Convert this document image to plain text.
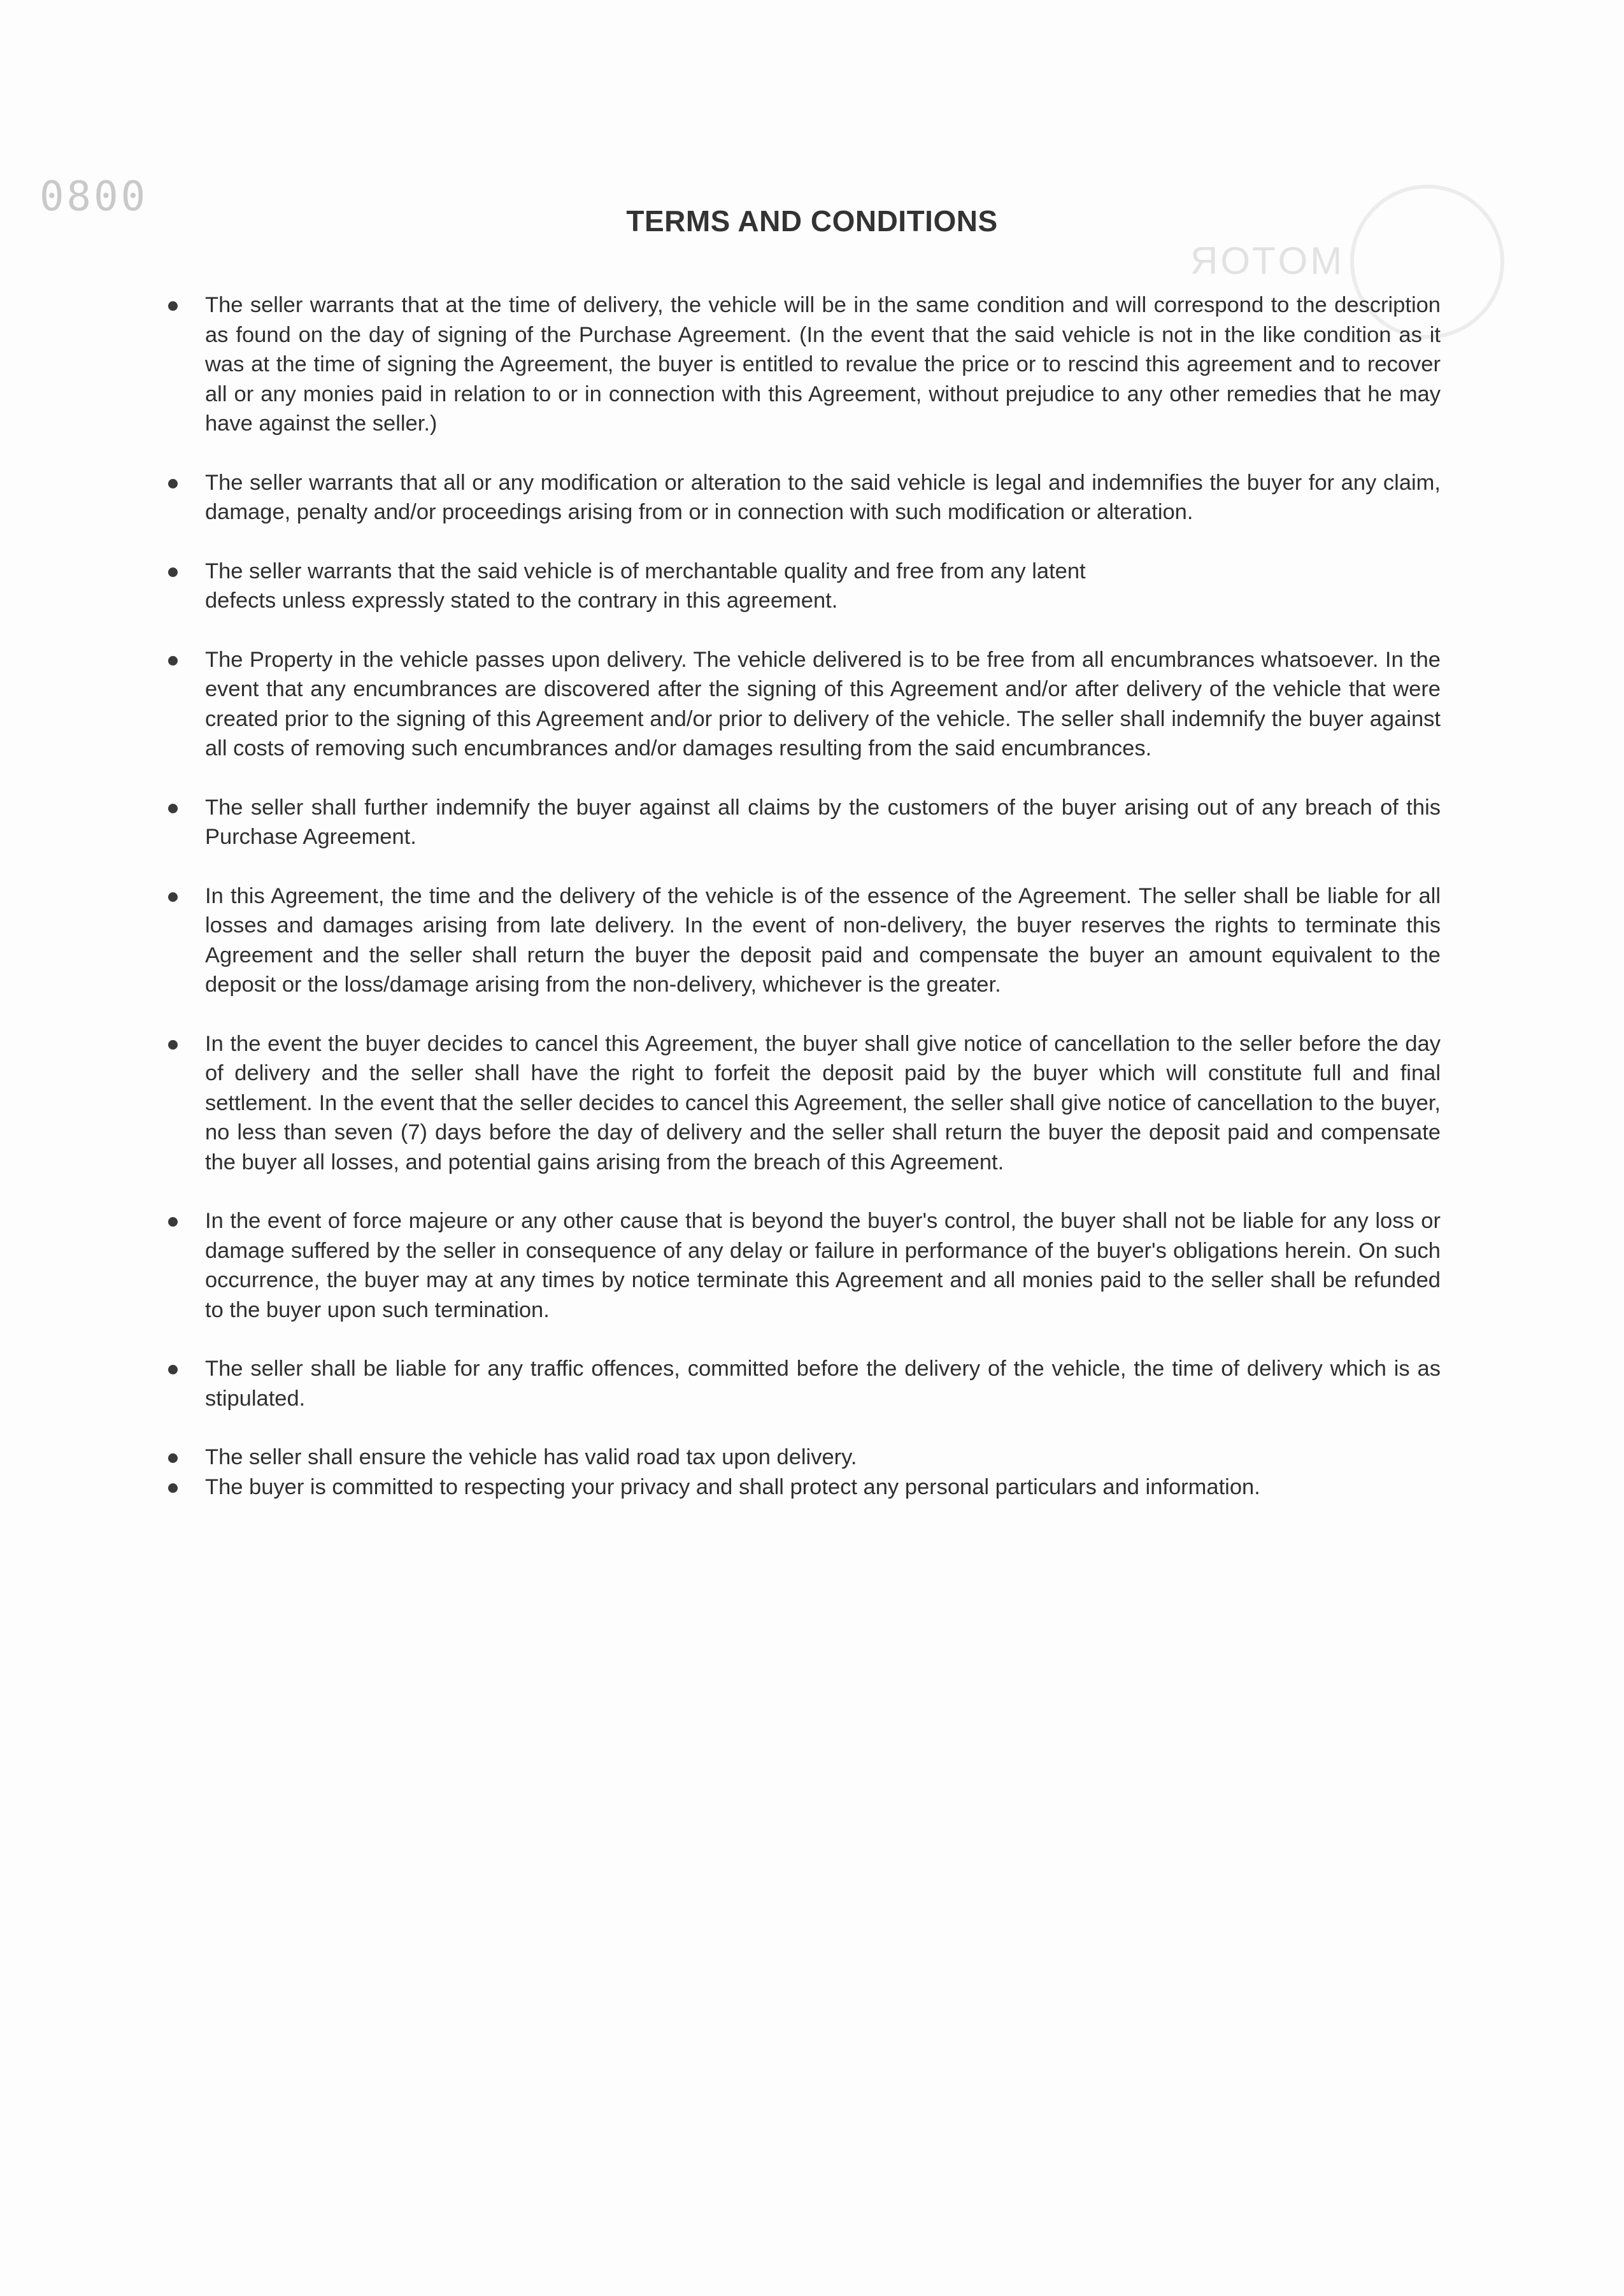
0800
MOTOR
TERMS AND CONDITIONS
The seller warrants that at the time of delivery, the vehicle will be in the same condition and will correspond to the description as found on the day of signing of the Purchase Agreement. (In the event that the said vehicle is not in the like condition as it was at the time of signing the Agreement, the buyer is entitled to revalue the price or to rescind this agreement and to recover all or any monies paid in relation to or in connection with this Agreement, without prejudice to any other remedies that he may have against the seller.)
The seller warrants that all or any modification or alteration to the said vehicle is legal and indemnifies the buyer for any claim, damage, penalty and/or proceedings arising from or in connection with such modification or alteration.
The seller warrants that the said vehicle is of merchantable quality and free from any latent
defects unless expressly stated to the contrary in this agreement.
The Property in the vehicle passes upon delivery. The vehicle delivered is to be free from all encumbrances whatsoever. In the event that any encumbrances are discovered after the signing of this Agreement and/or after delivery of the vehicle that were created prior to the signing of this Agreement and/or prior to delivery of the vehicle. The seller shall indemnify the buyer against all costs of removing such encumbrances and/or damages resulting from the said encumbrances.
The seller shall further indemnify the buyer against all claims by the customers of the buyer arising out of any breach of this Purchase Agreement.
In this Agreement, the time and the delivery of the vehicle is of the essence of the Agreement. The seller shall be liable for all losses and damages arising from late delivery. In the event of non-delivery, the buyer reserves the rights to terminate this Agreement and the seller shall return the buyer the deposit paid and compensate the buyer an amount equivalent to the deposit or the loss/damage arising from the non-delivery, whichever is the greater.
In the event the buyer decides to cancel this Agreement, the buyer shall give notice of cancellation to the seller before the day of delivery and the seller shall have the right to forfeit the deposit paid by the buyer which will constitute full and final settlement. In the event that the seller decides to cancel this Agreement, the seller shall give notice of cancellation to the buyer, no less than seven (7) days before the day of delivery and the seller shall return the buyer the deposit paid and compensate the buyer all losses, and potential gains arising from the breach of this Agreement.
In the event of force majeure or any other cause that is beyond the buyer's control, the buyer shall not be liable for any loss or damage suffered by the seller in consequence of any delay or failure in performance of the buyer's obligations herein. On such occurrence, the buyer may at any times by notice terminate this Agreement and all monies paid to the seller shall be refunded to the buyer upon such termination.
The seller shall be liable for any traffic offences, committed before the delivery of the vehicle, the time of delivery which is as stipulated.
The seller shall ensure the vehicle has valid road tax upon delivery.
The buyer is committed to respecting your privacy and shall protect any personal particulars and information.
